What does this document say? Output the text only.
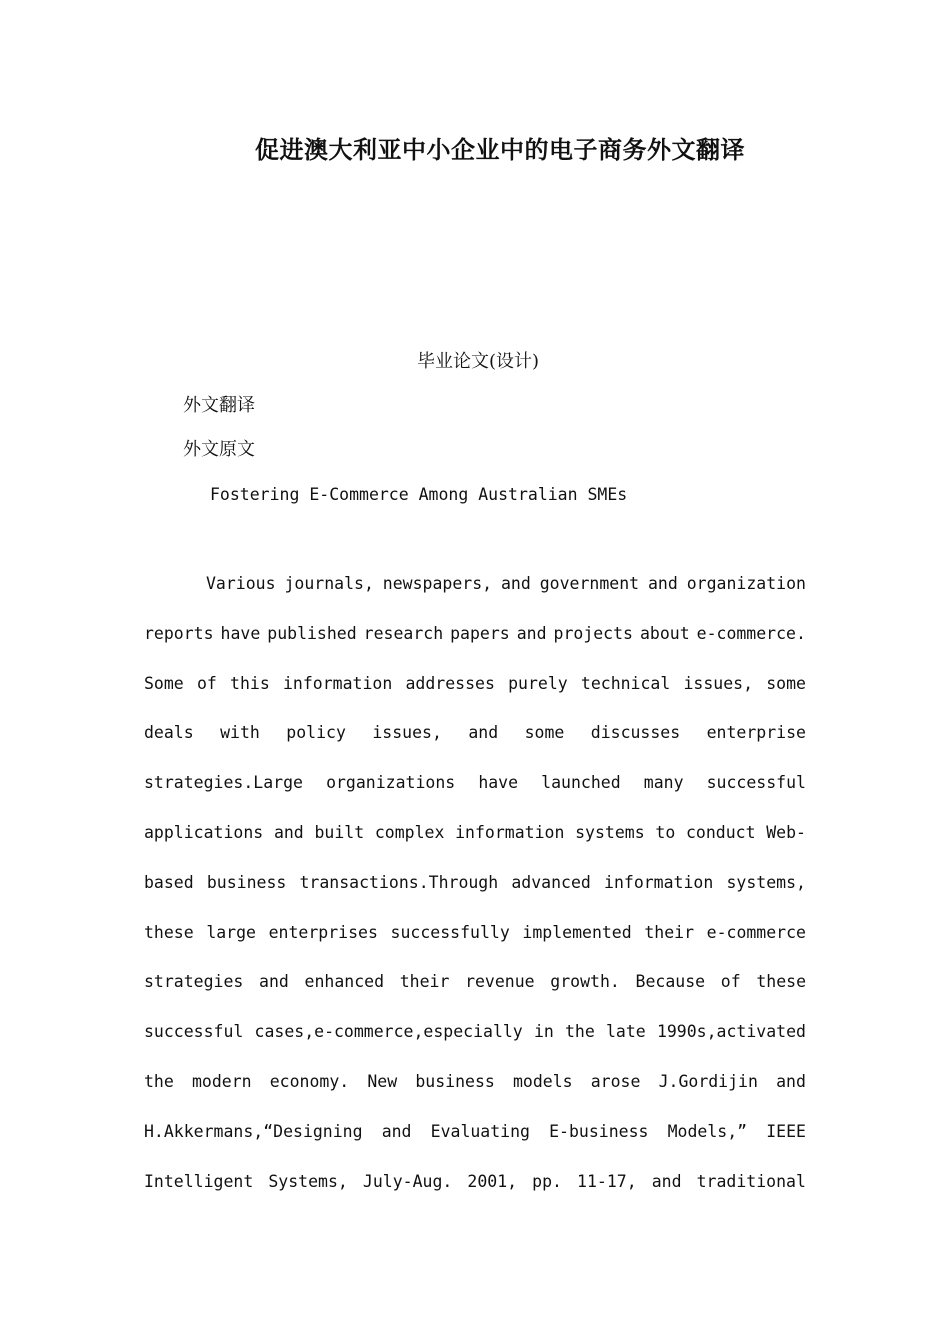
促进澳大利亚中小企业中的电子商务外文翻译
毕业论文(设计)
外文翻译
外文原文
Fostering E-Commerce Among Australian SMEs
Various journals, newspapers, and government and organization
reports have published research papers and projects about e-commerce.
Some of this information addresses purely technical issues, some
deals with policy issues, and some discusses enterprise
strategies.Large organizations have launched many successful
applications and built complex information systems to conduct Web-
based business transactions.Through advanced information systems,
these large enterprises successfully implemented their e-commerce
strategies and enhanced their revenue growth. Because of these
successful cases,e-commerce,especially in the late 1990s,activated
the modern economy. New business models arose J.Gordijin and
H.Akkermans,“Designing and Evaluating E-business Models,” IEEE
Intelligent Systems, July-Aug. 2001, pp. 11-17, and traditional
